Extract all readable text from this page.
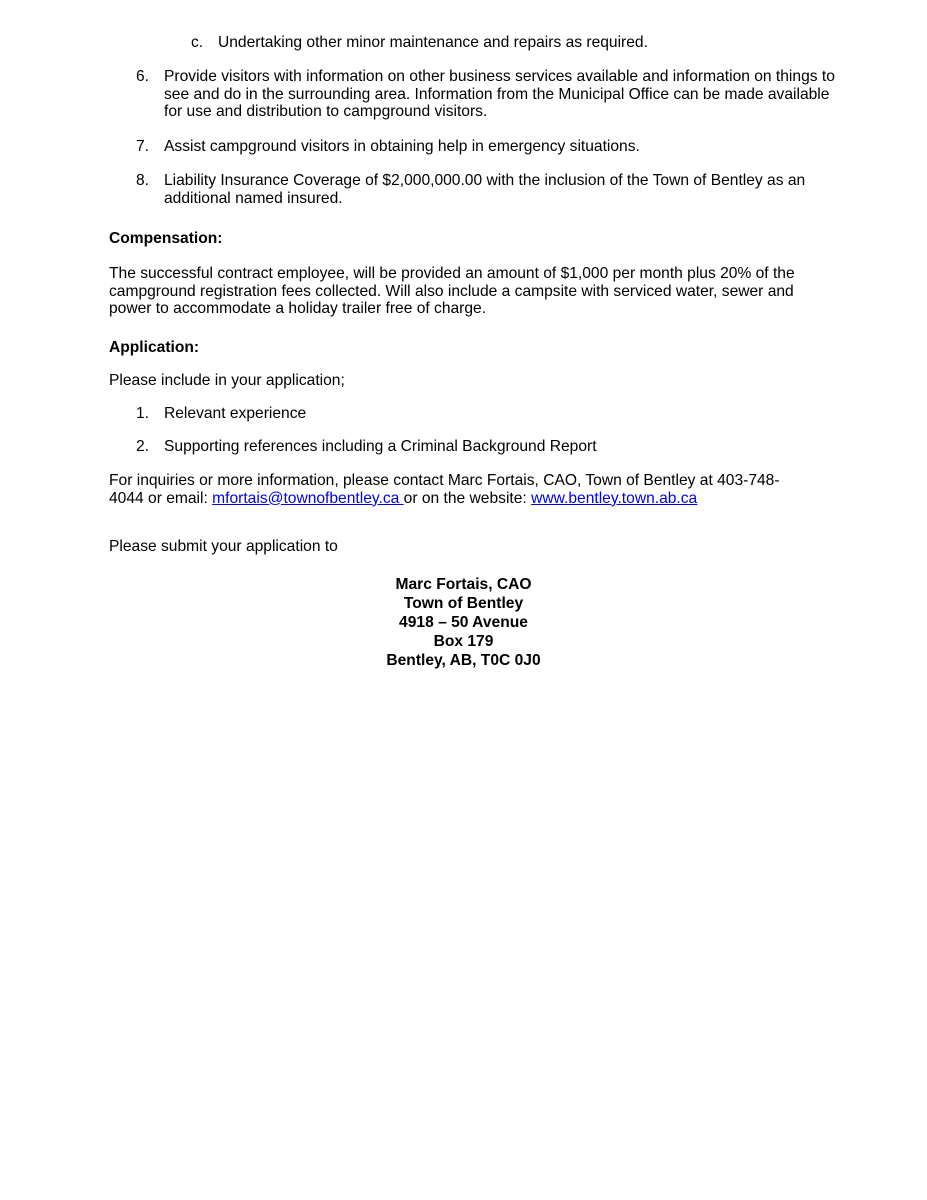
c. Undertaking other minor maintenance and repairs as required.
6. Provide visitors with information on other business services available and information on things to see and do in the surrounding area. Information from the Municipal Office can be made available for use and distribution to campground visitors.
7. Assist campground visitors in obtaining help in emergency situations.
8. Liability Insurance Coverage of $2,000,000.00 with the inclusion of the Town of Bentley as an additional named insured.
Compensation:
The successful contract employee, will be provided an amount of $1,000 per month plus 20% of the campground registration fees collected. Will also include a campsite with serviced water, sewer and power to accommodate a holiday trailer free of charge.
Application:
Please include in your application;
1. Relevant experience
2. Supporting references including a Criminal Background Report
For inquiries or more information, please contact Marc Fortais, CAO, Town of Bentley at 403-748-4044 or email: mfortais@townofbentley.ca or on the website: www.bentley.town.ab.ca
Please submit your application to
Marc Fortais, CAO
Town of Bentley
4918 – 50 Avenue
Box 179
Bentley, AB, T0C 0J0
